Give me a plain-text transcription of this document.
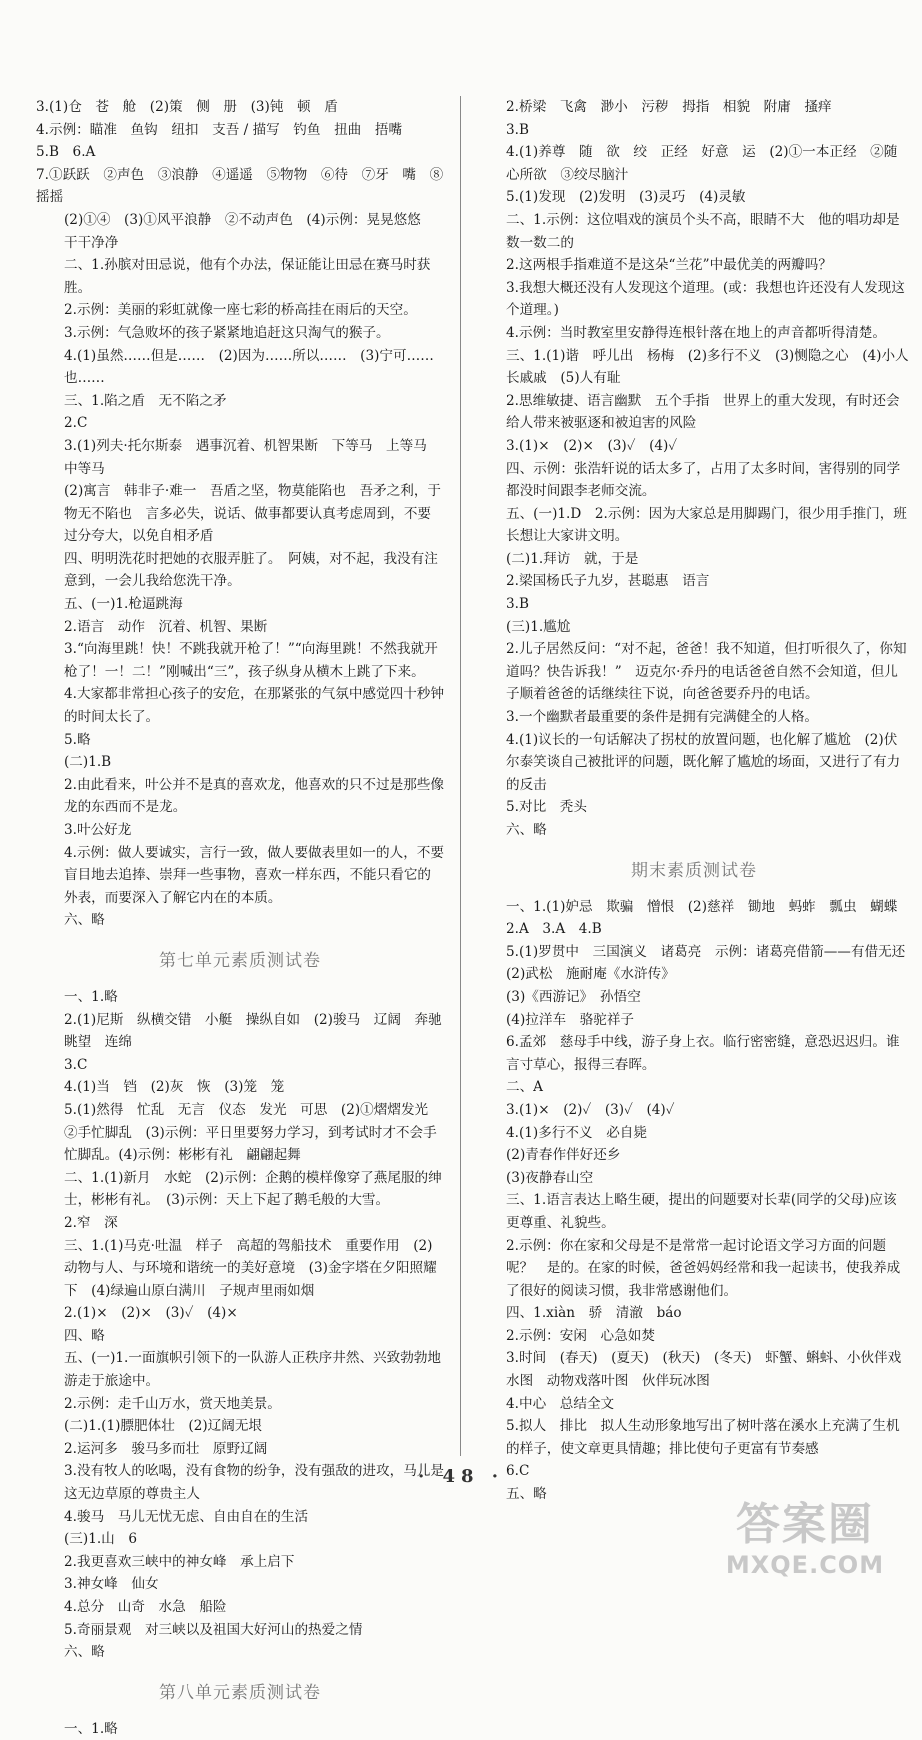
3.(1)仓　苍　舱　(2)策　侧　册　(3)钝　顿　盾
4.示例：瞄准　鱼钩　纽扣　支吾 / 描写　钓鱼　扭曲　捂嘴
5.B　6.A
7.①跃跃　②声色　③浪静　④遥遥　⑤物物　⑥待　⑦牙　嘴　⑧摇摇
(2)①④　(3)①风平浪静　②不动声色　(4)示例：晃晃悠悠　干干净净
二、1.孙膑对田忌说，他有个办法，保证能让田忌在赛马时获胜。
2.示例：美丽的彩虹就像一座七彩的桥高挂在雨后的天空。
3.示例：气急败坏的孩子紧紧地追赶这只淘气的猴子。
4.(1)虽然……但是……　(2)因为……所以……　(3)宁可……也……
三、1.陷之盾　无不陷之矛
2.C
3.(1)列夫·托尔斯泰　遇事沉着、机智果断　下等马　上等马　中等马
(2)寓言　韩非子·难一　吾盾之坚，物莫能陷也　吾矛之利，于物无不陷也　言多必失，说话、做事都要认真考虑周到，不要过分夸大，以免自相矛盾
四、明明洗花时把她的衣服弄脏了。　阿姨，对不起，我没有注意到，一会儿我给您洗干净。
五、(一)1.枪逼跳海
2.语言　动作　沉着、机智、果断
3.“向海里跳！快！不跳我就开枪了！”“向海里跳！不然我就开枪了！一！二！”刚喊出“三”，孩子纵身从横木上跳了下来。
4.大家都非常担心孩子的安危，在那紧张的气氛中感觉四十秒钟的时间太长了。
5.略
(二)1.B
2.由此看来，叶公并不是真的喜欢龙，他喜欢的只不过是那些像龙的东西而不是龙。
3.叶公好龙
4.示例：做人要诚实，言行一致，做人要做表里如一的人，不要盲目地去追捧、崇拜一些事物，喜欢一样东西，不能只看它的外表，而要深入了解它内在的本质。
六、略
第七单元素质测试卷
一、1.略
2.(1)尼斯　纵横交错　小艇　操纵自如　(2)骏马　辽阔　奔驰　眺望　连绵
3.C
4.(1)当　铛　(2)灰　恢　(3)笼　笼
5.(1)然得　忙乱　无言　仪态　发光　可思　(2)①熠熠发光　②手忙脚乱　(3)示例：平日里要努力学习，到考试时才不会手忙脚乱。(4)示例：彬彬有礼　翩翩起舞
二、1.(1)新月　水蛇　(2)示例：企鹅的模样像穿了燕尾服的绅士，彬彬有礼。　(3)示例：天上下起了鹅毛般的大雪。
2.窄　深
三、1.(1)马克·吐温　样子　高超的驾船技术　重要作用　(2)动物与人、与环境和谐统一的美好意境　(3)金字塔在夕阳照耀下　(4)绿遍山原白满川　子规声里雨如烟
2.(1)×　(2)×　(3)✓　(4)×
四、略
五、(一)1.一面旗帜引领下的一队游人正秩序井然、兴致勃勃地游走于旅途中。
2.示例：走千山万水，赏天地美景。
(二)1.(1)膘肥体壮　(2)辽阔无垠
2.运河多　骏马多而壮　原野辽阔
3.没有牧人的吆喝，没有食物的纷争，没有强敌的进攻，马儿是这无边草原的尊贵主人
4.骏马　马儿无忧无虑、自由自在的生活
(三)1.山　6
2.我更喜欢三峡中的神女峰　承上启下
3.神女峰　仙女
4.总分　山奇　水急　船险
5.奇丽景观　对三峡以及祖国大好河山的热爱之情
六、略
第八单元素质测试卷
一、1.略
2.桥梁　飞禽　渺小　污秽　拇指　相貌　附庸　搔痒
3.B
4.(1)养尊　随　欲　绞　正经　好意　运　(2)①一本正经　②随心所欲　③绞尽脑汁
5.(1)发现　(2)发明　(3)灵巧　(4)灵敏
二、1.示例：这位唱戏的演员个头不高，眼睛不大　他的唱功却是数一数二的
2.这两根手指难道不是这朵“兰花”中最优美的两瓣吗？
3.我想大概还没有人发现这个道理。(或：我想也许还没有人发现这个道理。)
4.示例：当时教室里安静得连根针落在地上的声音都听得清楚。
三、1.(1)谐　呼儿出　杨梅　(2)多行不义　(3)恻隐之心　(4)小人长戚戚　(5)人有耻
2.思维敏捷、语言幽默　五个手指　世界上的重大发现，有时还会给人带来被驱逐和被迫害的风险
3.(1)×　(2)×　(3)✓　(4)✓
四、示例：张浩轩说的话太多了，占用了太多时间，害得别的同学都没时间跟李老师交流。
五、(一)1.D　2.示例：因为大家总是用脚踢门，很少用手推门，班长想让大家讲文明。
(二)1.拜访　就，于是
2.梁国杨氏子九岁，甚聪惠　语言
3.B
(三)1.尴尬
2.儿子居然反问：“对不起，爸爸！我不知道，但打听很久了，你知道吗？快告诉我！”　迈克尔·乔丹的电话爸爸自然不会知道，但儿子顺着爸爸的话继续往下说，向爸爸要乔丹的电话。
3.一个幽默者最重要的条件是拥有完满健全的人格。
4.(1)议长的一句话解决了拐杖的放置问题，也化解了尴尬　(2)伏尔泰笑谈自己被批评的问题，既化解了尴尬的场面，又进行了有力的反击
5.对比　秃头
六、略
期末素质测试卷
一、1.(1)妒忌　欺骗　憎恨　(2)慈祥　锄地　蚂蚱　瓢虫　蝴蝶
2.A　3.A　4.B
5.(1)罗贯中　三国演义　诸葛亮　示例：诸葛亮借箭——有借无还
(2)武松　施耐庵《水浒传》
(3)《西游记》　孙悟空
(4)拉洋车　骆驼祥子
6.孟郊　慈母手中线，游子身上衣。临行密密缝，意恐迟迟归。谁言寸草心，报得三春晖。
二、A
3.(1)×　(2)✓　(3)✓　(4)✓
4.(1)多行不义　必自毙
(2)青春作伴好还乡
(3)夜静春山空
三、1.语言表达上略生硬，提出的问题要对长辈(同学的父母)应该更尊重、礼貌些。
2.示例：你在家和父母是不是常常一起讨论语文学习方面的问题呢？　是的。在家的时候，爸爸妈妈经常和我一起读书，使我养成了很好的阅读习惯，我非常感谢他们。
四、1.xiàn　骄　清澈　báo
2.示例：安闲　心急如焚
3.时间　(春天)　(夏天)　(秋天)　(冬天)　虾蟹、蝌蚪、小伙伴戏水图　动物戏落叶图　伙伴玩冰图
4.中心　总结全文
5.拟人　排比　拟人生动形象地写出了树叶落在溪水上充满了生机的样子，使文章更具情趣；排比使句子更富有节奏感
6.C
五、略
· 48 ·
答案圈
MXQE.COM
